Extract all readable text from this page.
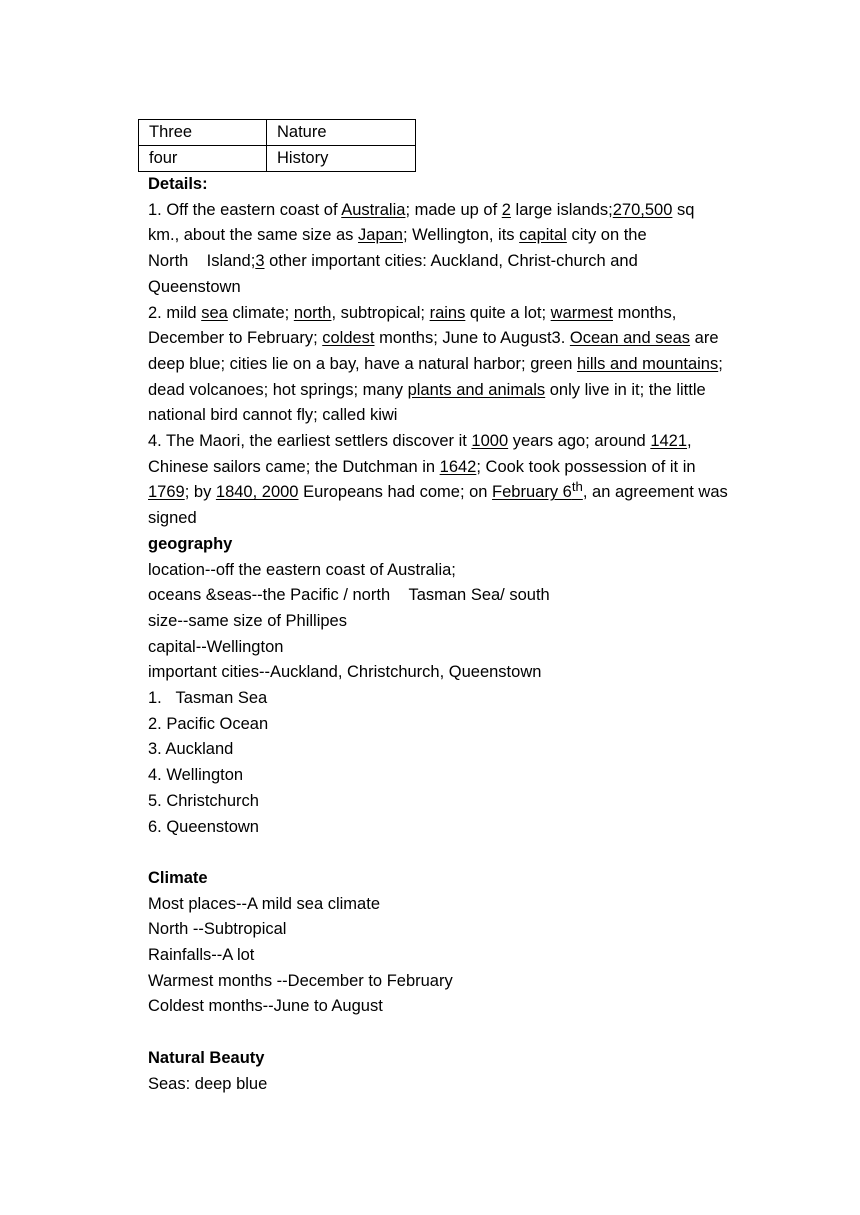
Three	Nature
four	History
Details:
1. Off the eastern coast of Australia; made up of 2 large islands;270,500 sq km., about the same size as Japan; Wellington, its capital city on the North    Island;3 other important cities: Auckland, Christ-church and Queenstown
2. mild sea climate; north, subtropical; rains quite a lot; warmest months, December to February; coldest months; June to August3. Ocean and seas are deep blue; cities lie on a bay, have a natural harbor; green hills and mountains; dead volcanoes; hot springs; many plants and animals only live in it; the little national bird cannot fly; called kiwi
4. The Maori, the earliest settlers discover it 1000 years ago; around 1421, Chinese sailors came; the Dutchman in 1642; Cook took possession of it in 1769; by 1840, 2000 Europeans had come; on February 6th, an agreement was signed
geography
location--off the eastern coast of Australia;
oceans &seas--the Pacific / north    Tasman Sea/ south
size--same size of Phillipes
capital--Wellington
important cities--Auckland, Christchurch, Queenstown
1.   Tasman Sea
2. Pacific Ocean
3. Auckland
4. Wellington
5. Christchurch
6. Queenstown
Climate
Most places--A mild sea climate
North --Subtropical
Rainfalls--A lot
Warmest months --December to February
Coldest months--June to August
Natural Beauty
Seas: deep blue
